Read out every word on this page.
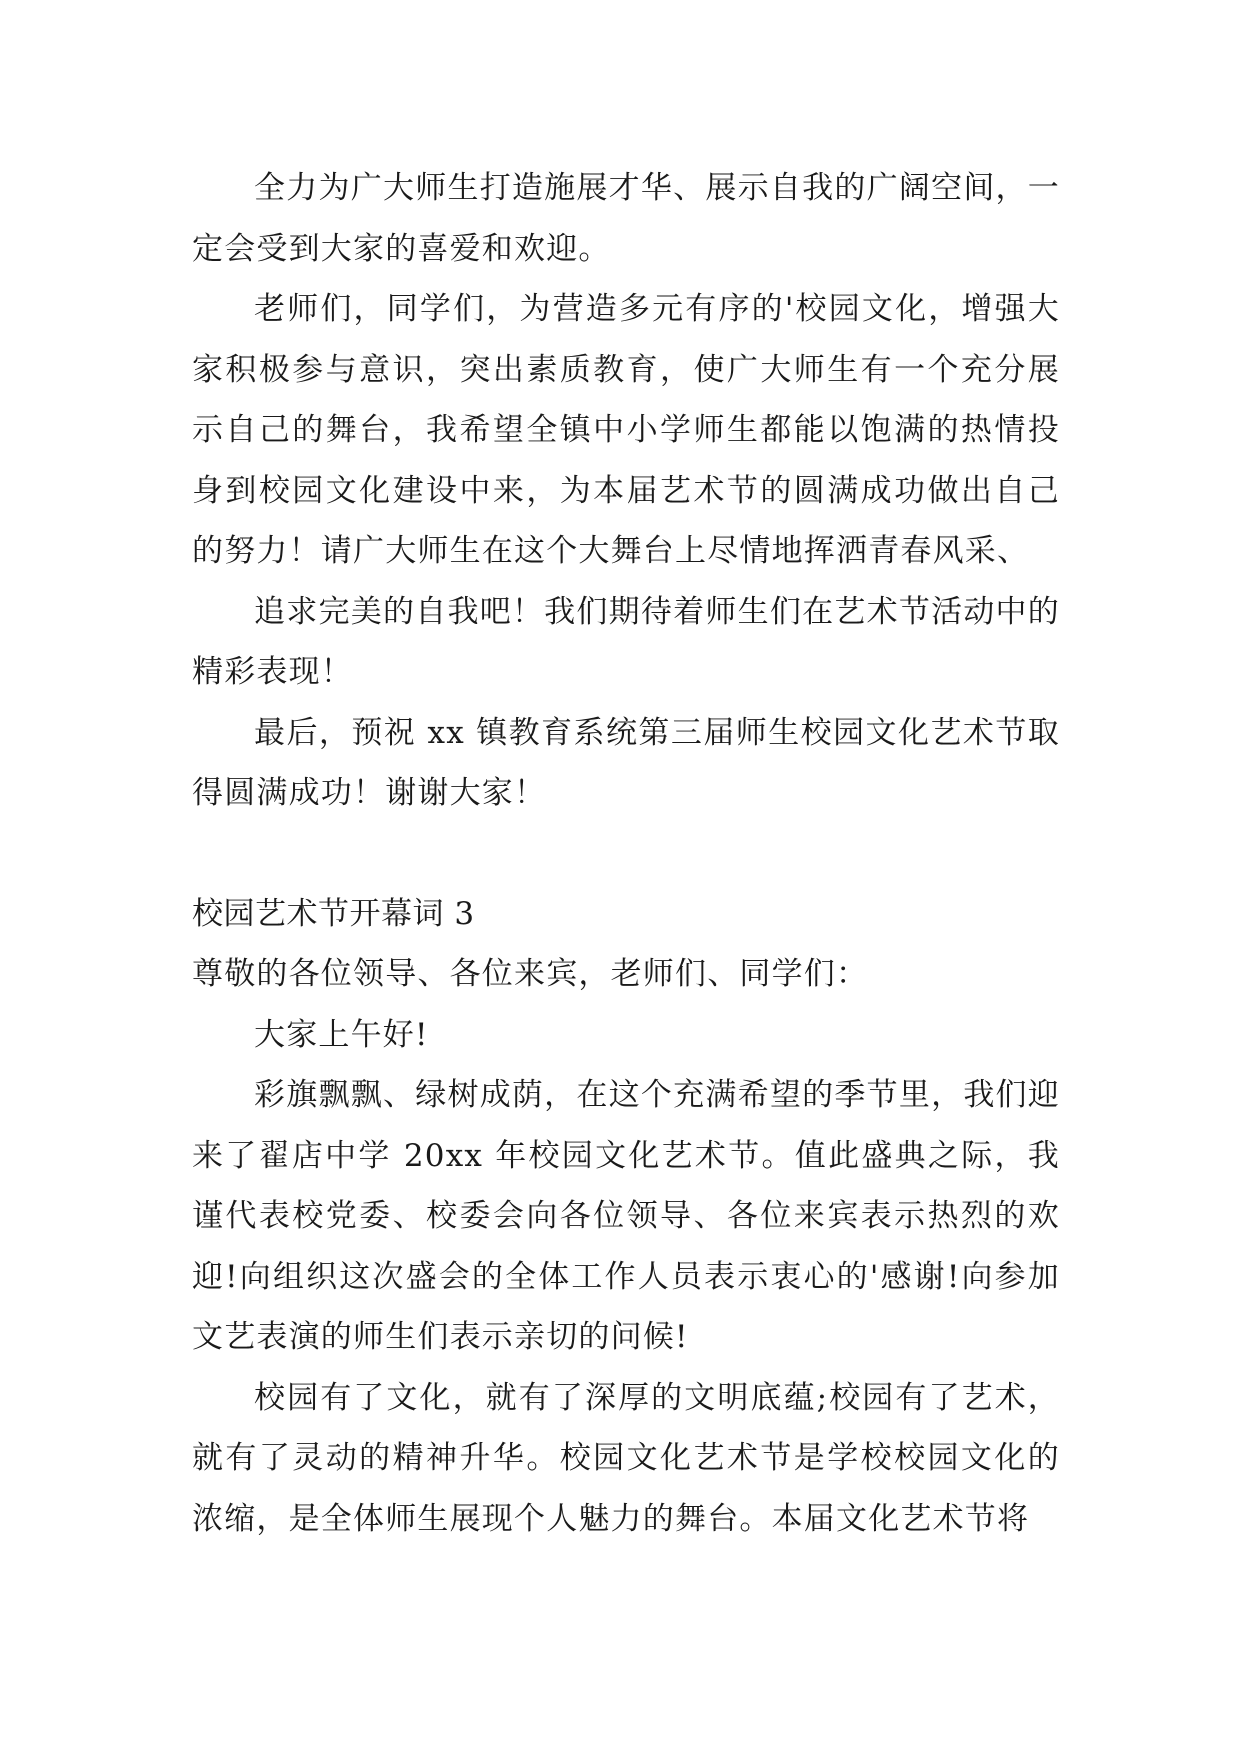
全力为广大师生打造施展才华、展示自我的广阔空间，一定会受到大家的喜爱和欢迎。

老师们，同学们，为营造多元有序的'校园文化，增强大家积极参与意识，突出素质教育，使广大师生有一个充分展示自己的舞台，我希望全镇中小学师生都能以饱满的热情投身到校园文化建设中来，为本届艺术节的圆满成功做出自己的努力！请广大师生在这个大舞台上尽情地挥洒青春风采、

追求完美的自我吧！我们期待着师生们在艺术节活动中的精彩表现！

最后，预祝 xx 镇教育系统第三届师生校园文化艺术节取得圆满成功！谢谢大家！

校园艺术节开幕词 3

尊敬的各位领导、各位来宾，老师们、同学们：

大家上午好!

彩旗飘飘、绿树成荫，在这个充满希望的季节里，我们迎来了翟店中学 20xx 年校园文化艺术节。值此盛典之际，我谨代表校党委、校委会向各位领导、各位来宾表示热烈的欢迎!向组织这次盛会的全体工作人员表示衷心的'感谢!向参加文艺表演的师生们表示亲切的问候!

校园有了文化，就有了深厚的文明底蕴;校园有了艺术，就有了灵动的精神升华。校园文化艺术节是学校校园文化的浓缩，是全体师生展现个人魅力的舞台。本届文化艺术节将
